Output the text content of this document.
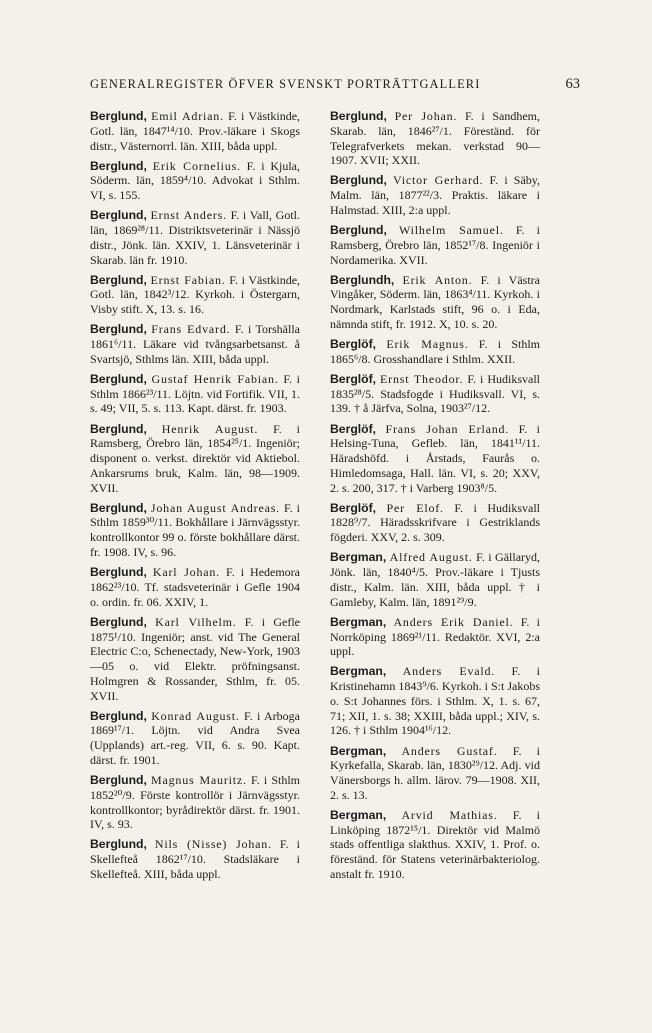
GENERALREGISTER ÖFVER SVENSKT PORTRÄTTGALLERI	63

Berglund, Emil Adrian. F. i Västkinde, Gotl. län, 1847¹⁴/10. Prov.-läkare i Skogs distr., Västernorrl. län. XIII, båda uppl.

Berglund, Erik Cornelius. F. i Kjula, Söderm. län, 1859⁴/10. Advokat i Sthlm. VI, s. 155.

Berglund, Ernst Anders. F. i Vall, Gotl. län, 1869²⁸/11. Distriktsveterinär i Nässjö distr., Jönk. län. XXIV, 1. Länsveterinär i Skarab. län fr. 1910.

Berglund, Ernst Fabian. F. i Västkinde, Gotl. län, 1842³/12. Kyrkoh. i Östergarn, Visby stift. X, 13. s. 16.

Berglund, Frans Edvard. F. i Torshälla 1861⁶/11. Läkare vid tvångsarbetsanst. å Svartsjö, Sthlms län. XIII, båda uppl.

Berglund, Gustaf Henrik Fabian. F. i Sthlm 1866²³/11. Löjtn. vid Fortifik. VII, 1. s. 49; VII, 5. s. 113. Kapt. därst. fr. 1903.

Berglund, Henrik August. F. i Ramsberg, Örebro län, 1854²⁵/1. Ingeniör; disponent o. verkst. direktör vid Aktiebol. Ankarsrums bruk, Kalm. län, 98—1909. XVII.

Berglund, Johan August Andreas. F. i Sthlm 1859³⁰/11. Bokhållare i Järnvägsstyr. kontrollkontor 99 o. förste bokhållare därst. fr. 1908. IV, s. 96.

Berglund, Karl Johan. F. i Hedemora 1862²³/10. Tf. stadsveterinär i Gefle 1904 o. ordin. fr. 06. XXIV, 1.

Berglund, Karl Vilhelm. F. i Gefle 1875¹/10. Ingeniör; anst. vid The General Electric C:o, Schenectady, New-York, 1903—05 o. vid Elektr. pröfningsanst. Holmgren & Rossander, Sthlm, fr. 05. XVII.

Berglund, Konrad August. F. i Arboga 1869¹⁷/1. Löjtn. vid Andra Svea (Upplands) art.-reg. VII, 6. s. 90. Kapt. därst. fr. 1901.

Berglund, Magnus Mauritz. F. i Sthlm 1852²⁰/9. Förste kontrollör i Järnvägsstyr. kontrollkontor; byrådirektör därst. fr. 1901. IV, s. 93.

Berglund, Nils (Nisse) Johan. F. i Skellefteå 1862¹⁷/10. Stadsläkare i Skellefteå. XIII, båda uppl.

Berglund, Per Johan. F. i Sandhem, Skarab. län, 1846²⁷/1. Föreständ. för Telegrafverkets mekan. verkstad 90—1907. XVII; XXII.

Berglund, Victor Gerhard. F. i Säby, Malm. län, 1877²²/3. Praktis. läkare i Halmstad. XIII, 2:a uppl.

Berglund, Wilhelm Samuel. F. i Ramsberg, Örebro län, 1852¹⁷/8. Ingeniör i Nordamerika. XVII.

Berglundh, Erik Anton. F. i Västra Vingåker, Söderm. län, 1863⁴/11. Kyrkoh. i Nordmark, Karlstads stift, 96 o. i Eda, nämnda stift, fr. 1912. X, 10. s. 20.

Berglöf, Erik Magnus. F. i Sthlm 1865⁶/8. Grosshandlare i Sthlm. XXII.

Berglöf, Ernst Theodor. F. i Hudiksvall 1835²⁸/5. Stadsfogde i Hudiksvall. VI, s. 139. † å Järfva, Solna, 1903²⁷/12.

Berglöf, Frans Johan Erland. F. i Helsing-Tuna, Gefleb. län, 1841¹¹/11. Häradshöfd. i Årstads, Faurås o. Himledomsaga, Hall. län. VI, s. 20; XXV, 2. s. 200, 317. † i Varberg 1903⁸/5.

Berglöf, Per Elof. F. i Hudiksvall 1828⁹/7. Häradsskrifvare i Gestriklands fögderi. XXV, 2. s. 309.

Bergman, Alfred August. F. i Gällaryd, Jönk. län, 1840⁴/5. Prov.-läkare i Tjusts distr., Kalm. län. XIII, båda uppl. † i Gamleby, Kalm. län, 1891²⁹/9.

Bergman, Anders Erik Daniel. F. i Norrköping 1869²¹/11. Redaktör. XVI, 2:a uppl.

Bergman, Anders Evald. F. i Kristinehamn 1843⁹/6. Kyrkoh. i S:t Jakobs o. S:t Johannes förs. i Sthlm. X, 1. s. 67, 71; XII, 1. s. 38; XXIII, båda uppl.; XIV, s. 126. † i Sthlm 1904¹⁶/12.

Bergman, Anders Gustaf. F. i Kyrkefalla, Skarab. län, 1830²⁹/12. Adj. vid Vänersborgs h. allm. lärov. 79—1908. XII, 2. s. 13.

Bergman, Arvid Mathias. F. i Linköping 1872¹⁵/1. Direktör vid Malmö stads offentliga slakthus. XXIV, 1. Prof. o. föreständ. för Statens veterinärbakteriolog. anstalt fr. 1910.
